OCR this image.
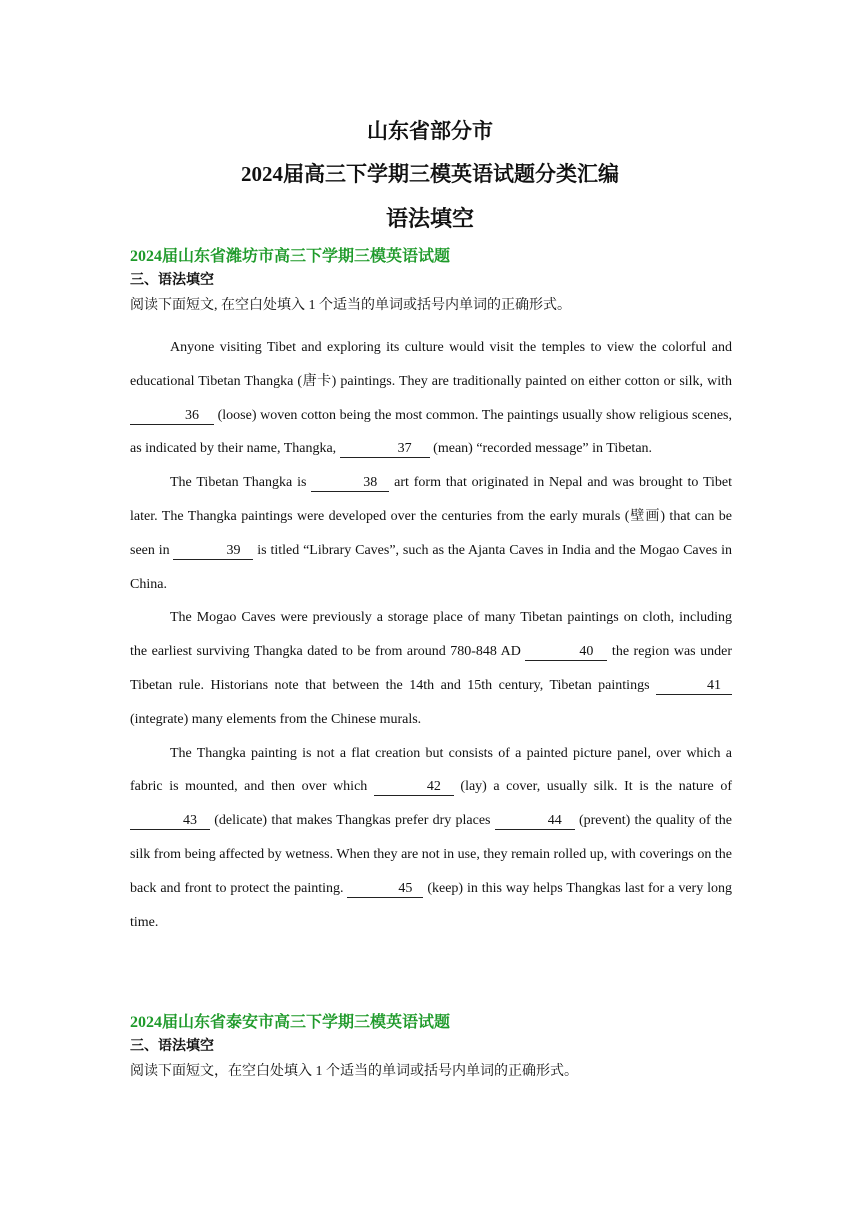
山东省部分市
2024届高三下学期三模英语试题分类汇编
语法填空
2024届山东省潍坊市高三下学期三模英语试题
三、语法填空
阅读下面短文, 在空白处填入 1 个适当的单词或括号内单词的正确形式。

Anyone visiting Tibet and exploring its culture would visit the temples to view the colorful and educational Tibetan Thangka (唐卡) paintings. They are traditionally painted on either cotton or silk, with 36 (loose) woven cotton being the most common. The paintings usually show religious scenes, as indicated by their name, Thangka,	37 (mean) “recorded message” in Tibetan.

The Tibetan Thangka is	38 art form that originated in Nepal and was brought to Tibet later. The Thangka paintings were developed over the centuries from the early murals (壁画) that can be seen in	39 is titled “Library Caves”, such as the Ajanta Caves in India and the Mogao Caves in China.

The Mogao Caves were previously a storage place of many Tibetan paintings on cloth, including the earliest surviving Thangka dated to be from around 780-848 AD	40 the region was under Tibetan rule. Historians note that between the 14th and 15th century, Tibetan paintings	41 (integrate) many elements from the Chinese murals.

The Thangka painting is not a flat creation but consists of a painted picture panel, over which a fabric is mounted, and then over which	42 (lay) a cover, usually silk. It is the nature of 43 (delicate) that makes Thangkas prefer dry places	44 (prevent) the quality of the silk from being affected by wetness. When they are not in use, they remain rolled up, with coverings on the back and front to protect the painting.	45 (keep) in this way helps Thangkas last for a very long time.

2024届山东省泰安市高三下学期三模英语试题
三、语法填空
阅读下面短文，在空白处填入 1 个适当的单词或括号内单词的正确形式。
